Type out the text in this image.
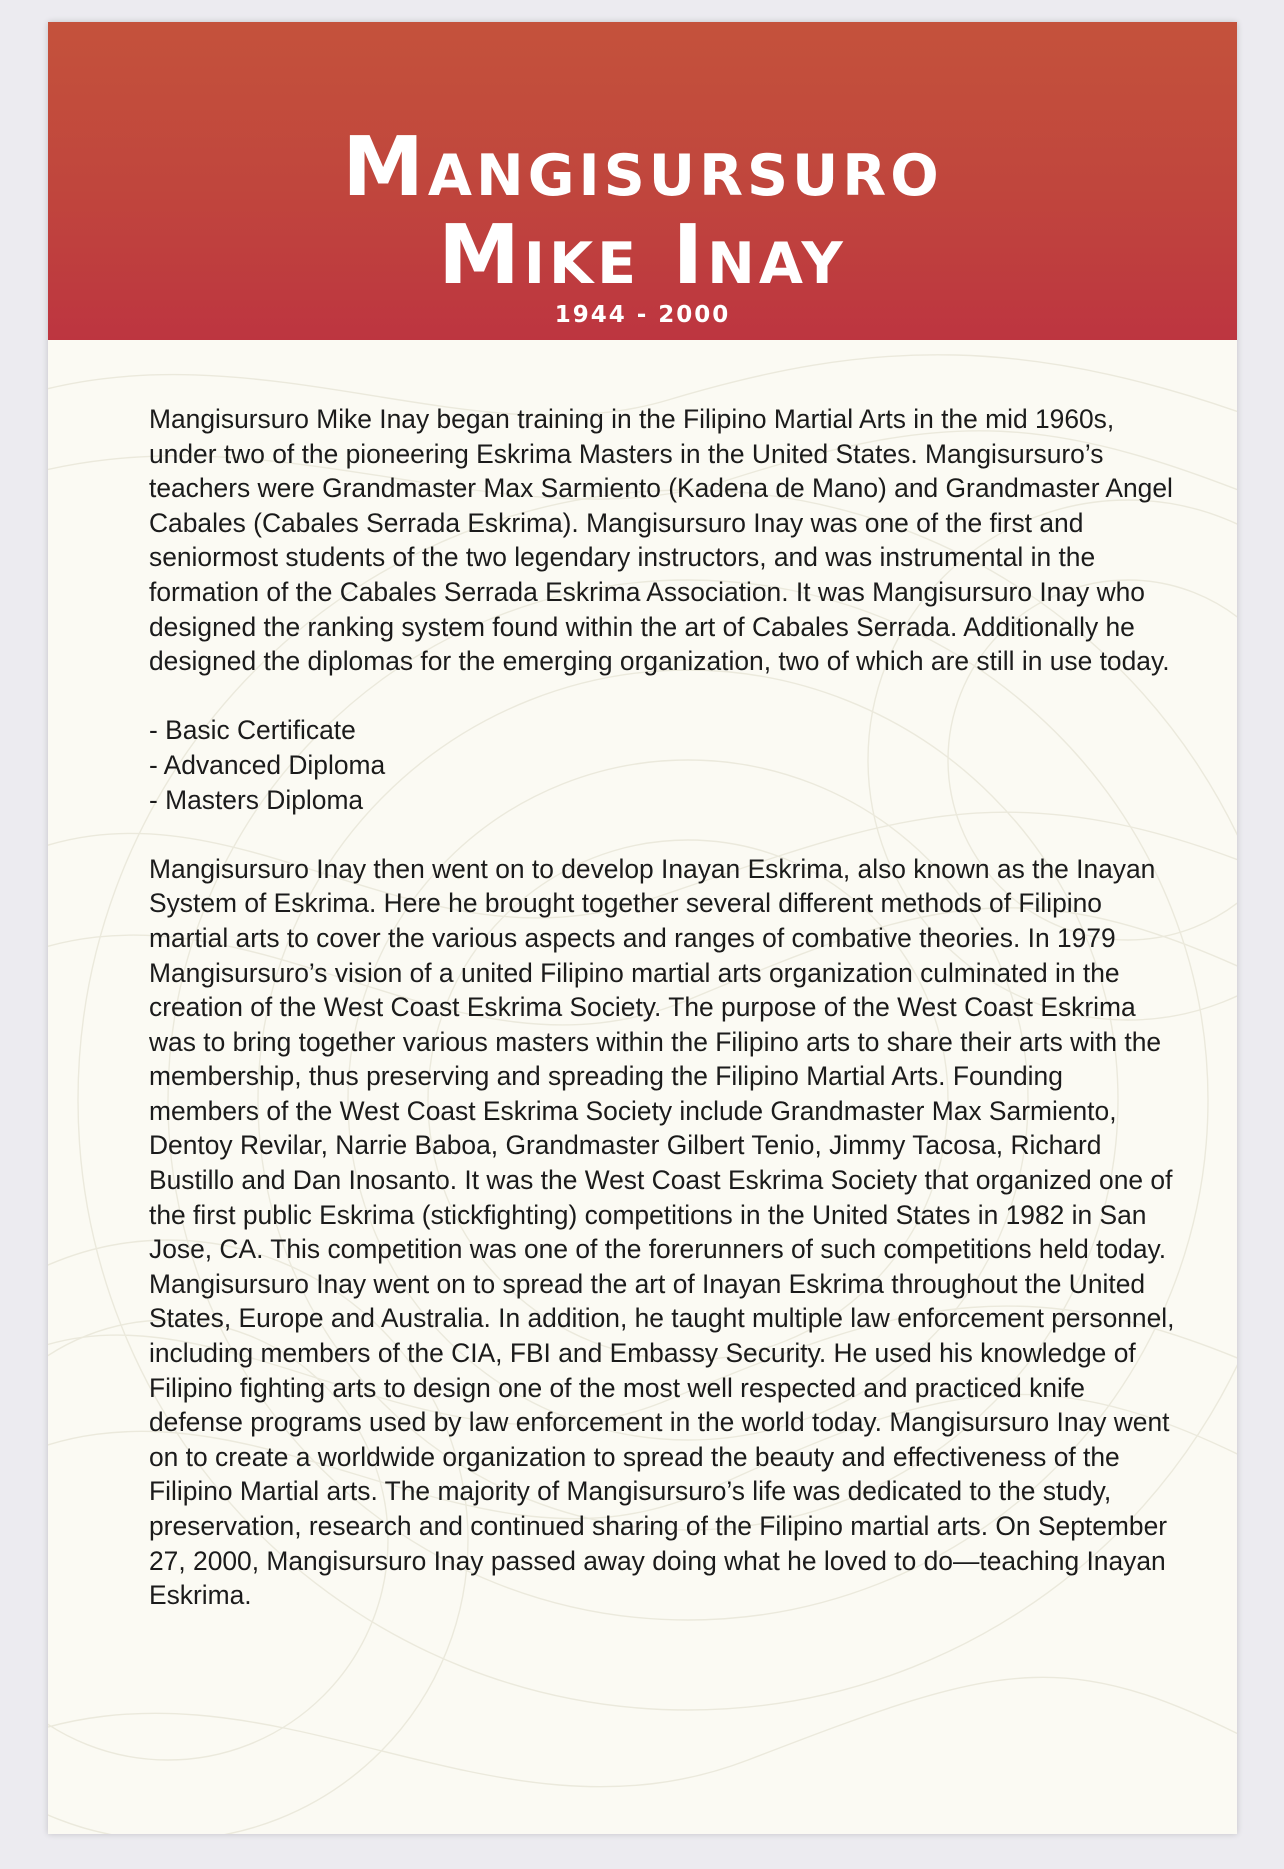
Mangisursuro
Mike Inay
1944 - 2000

Mangisursuro Mike Inay began training in the Filipino Martial Arts in the mid 1960s, under two of the pioneering Eskrima Masters in the United States. Mangisursuro’s teachers were Grandmaster Max Sarmiento (Kadena de Mano) and Grandmaster Angel Cabales (Cabales Serrada Eskrima). Mangisursuro Inay was one of the first and seniormost students of the two legendary instructors, and was instrumental in the formation of the Cabales Serrada Eskrima Association. It was Mangisursuro Inay who designed the ranking system found within the art of Cabales Serrada. Additionally he designed the diplomas for the emerging organization, two of which are still in use today.

- Basic Certificate
- Advanced Diploma
- Masters Diploma

Mangisursuro Inay then went on to develop Inayan Eskrima, also known as the Inayan System of Eskrima. Here he brought together several different methods of Filipino martial arts to cover the various aspects and ranges of combative theories. In 1979 Mangisursuro’s vision of a united Filipino martial arts organization culminated in the creation of the West Coast Eskrima Society. The purpose of the West Coast Eskrima was to bring together various masters within the Filipino arts to share their arts with the membership, thus preserving and spreading the Filipino Martial Arts. Founding members of the West Coast Eskrima Society include Grandmaster Max Sarmiento, Dentoy Revilar, Narrie Baboa, Grandmaster Gilbert Tenio, Jimmy Tacosa, Richard Bustillo and Dan Inosanto. It was the West Coast Eskrima Society that organized one of the first public Eskrima (stickfighting) competitions in the United States in 1982 in San Jose, CA. This competition was one of the forerunners of such competitions held today. Mangisursuro Inay went on to spread the art of Inayan Eskrima throughout the United States, Europe and Australia. In addition, he taught multiple law enforcement personnel, including members of the CIA, FBI and Embassy Security. He used his knowledge of Filipino fighting arts to design one of the most well respected and practiced knife defense programs used by law enforcement in the world today. Mangisursuro Inay went on to create a worldwide organization to spread the beauty and effectiveness of the Filipino Martial arts. The majority of Mangisursuro’s life was dedicated to the study, preservation, research and continued sharing of the Filipino martial arts. On September 27, 2000, Mangisursuro Inay passed away doing what he loved to do—teaching Inayan Eskrima.
